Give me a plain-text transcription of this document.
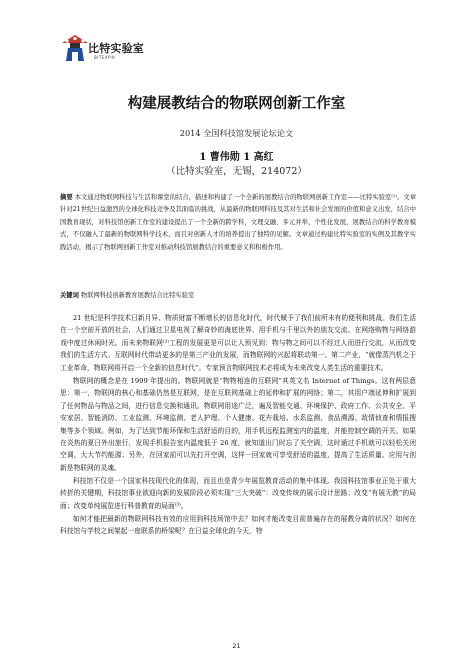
比特实验室
BITEXP®
构建展教结合的物联网创新工作室
2014 全国科技馆发展论坛论文
1 曹伟勋 1 高红
（比特实验室，无锡，214072）
摘要 本文通过物联网科技与生活和课堂的结合，描述和构建了一个全新的展教结合的物联网创新工作室——比特实验室⁽¹⁾。文章针对21世纪日益激烈的全球化科技竞争及其面临的挑战，从最新的物联网科技及其对生活和社会发展的价值和意义出发，结合中国教育现状，对科技馆创新工作室的建设提出了一个全新的跨学科，文理交融、多元并举，个性化发展，展教结合的科学教育模式，不仅融入了最新的物联网科学技术，而且对创新人才的培养提出了独特的见解。文章通过构建比特实验室的实例及其教学实践活动，揭示了物联网创新工作室对推动科技馆展教结合的重要意义和积极作用。
关键词 物联网科技创新教育展教结合比特实验室

21 世纪是科学技术日新月异、物质财富不断增长的信息化时代，时代赋予了我们前所未有的便利和挑战。我们生活在一个空前开放的社会，人们通过卫星电视了解奇妙的海底世界、用手机与千里以外的朋友交流、在网络购物与网络游戏中度过休闲时光。而未来物联网⁽²⁾工程的发展更是可以让人预见到：物与物之间可以不经过人而进行交流，从而改变我们的生活方式。互联网时代带动更多的是第三产业的发展，而物联网的兴起将联动第一、第二产业，“就像蒸汽机之于工业革命，物联网将开启一个全新的信息时代”。专家预言物联网技术必将成为未来改变人类生活的重要技术。

物联网的概念是在 1999 年提出的。物联网就是“物物相连的互联网”其英文名 Internet of Things。这有两层意思：第一，物联网的核心和基础仍然是互联网，是在互联网基础上的延伸和扩展的网络；第二，其用户端延伸和扩展到了任何物品与物品之间，进行信息交换和通讯。物联网用途广泛，遍及智能交通、环境保护、政府工作、公共安全、平安家居、智能消防、工业监测、环境监测、老人护理、个人健康、花卉栽培、水系监测、食品溯源、敌情侦查和情报搜集等多个领域。例如，为了达到节能环保和生活舒适的目的，用手机远程监测室内的温度，并能控制空调的开关。如果在炎热的夏日外出旅行，发现手机报告室内温度低于 26 度，就知道出门时忘了关空调，这时通过手机就可以轻松关闭空调，大大节约能源；另外，在回家前可以先打开空调，这样一回家就可享受舒适的温度，提高了生活质量。应用与创新是物联网的灵魂。

科技馆不仅是一个国家科技现代化的体现，而且也是青少年展览教育活动的集中体现。我国科技馆事业正处于重大转折的关键期，科技馆事业欲迎向新的发展阶段必须实现“三大突破”：改变传统的展示设计思路；改变“有展无教”的局面；改变单纯展览进行科普教育的局面⁽³⁾。

如何才能把最新的物联网科技有效的应用到科技场馆中去？如何才能改变目前普遍存在的展教分离的状况？如何在科技馆与学校之间架起一座联系的桥梁呢？在日益全球化的今天，特

21
